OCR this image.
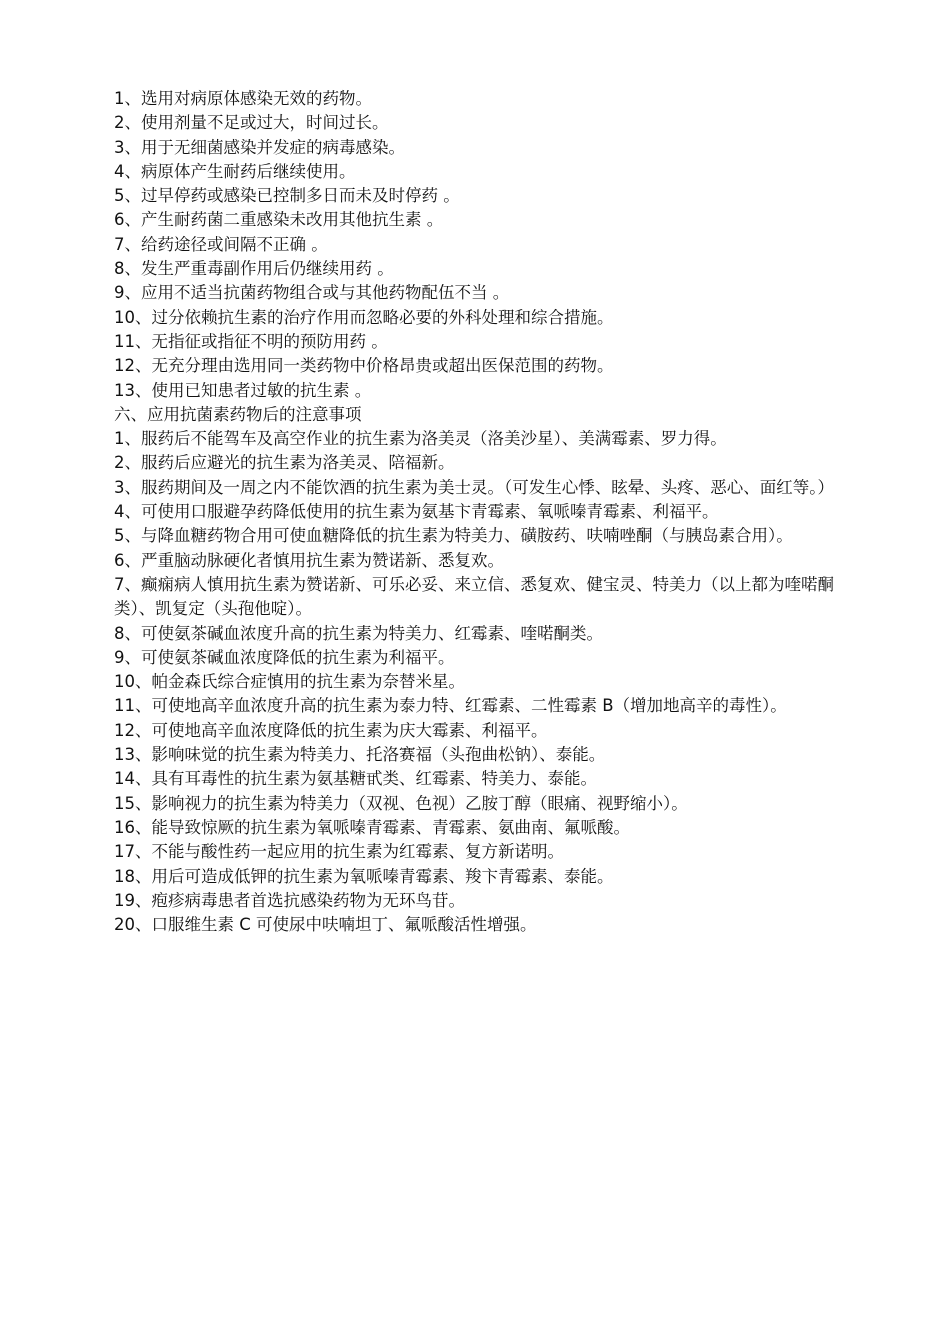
1、选用对病原体感染无效的药物。

2、使用剂量不足或过大，时间过长。

3、用于无细菌感染并发症的病毒感染。

4、病原体产生耐药后继续使用。

5、过早停药或感染已控制多日而未及时停药 。

6、产生耐药菌二重感染未改用其他抗生素 。

7、给药途径或间隔不正确 。

8、发生严重毒副作用后仍继续用药 。

9、应用不适当抗菌药物组合或与其他药物配伍不当 。

10、过分依赖抗生素的治疗作用而忽略必要的外科处理和综合措施。

11、无指征或指征不明的预防用药 。

12、无充分理由选用同一类药物中价格昂贵或超出医保范围的药物。

13、使用已知患者过敏的抗生素 。

六、应用抗菌素药物后的注意事项

1、服药后不能驾车及高空作业的抗生素为洛美灵（洛美沙星）、美满霉素、罗力得。

2、服药后应避光的抗生素为洛美灵、陪福新。

3、服药期间及一周之内不能饮酒的抗生素为美士灵。（可发生心悸、眩晕、头疼、恶心、面红等。）

4、可使用口服避孕药降低使用的抗生素为氨基卞青霉素、氧哌嗪青霉素、利福平。

5、与降血糖药物合用可使血糖降低的抗生素为特美力、磺胺药、呋喃唑酮（与胰岛素合用）。

6、严重脑动脉硬化者慎用抗生素为赞诺新、悉复欢。

7、癫痫病人慎用抗生素为赞诺新、可乐必妥、来立信、悉复欢、健宝灵、特美力（以上都为喹喏酮类）、凯复定（头孢他啶）。

8、可使氨茶碱血浓度升高的抗生素为特美力、红霉素、喹喏酮类。

9、可使氨茶碱血浓度降低的抗生素为利福平。

10、帕金森氏综合症慎用的抗生素为奈替米星。

11、可使地高辛血浓度升高的抗生素为泰力特、红霉素、二性霉素 B（增加地高辛的毒性）。

12、可使地高辛血浓度降低的抗生素为庆大霉素、利福平。

13、影响味觉的抗生素为特美力、托洛赛福（头孢曲松钠）、泰能。

14、具有耳毒性的抗生素为氨基糖甙类、红霉素、特美力、泰能。

15、影响视力的抗生素为特美力（双视、色视）乙胺丁醇（眼痛、视野缩小）。

16、能导致惊厥的抗生素为氧哌嗪青霉素、青霉素、氨曲南、氟哌酸。

17、不能与酸性药一起应用的抗生素为红霉素、复方新诺明。

18、用后可造成低钾的抗生素为氧哌嗪青霉素、羧卞青霉素、泰能。

19、疱疹病毒患者首选抗感染药物为无环鸟苷。

20、口服维生素 C 可使尿中呋喃坦丁、氟哌酸活性增强。
